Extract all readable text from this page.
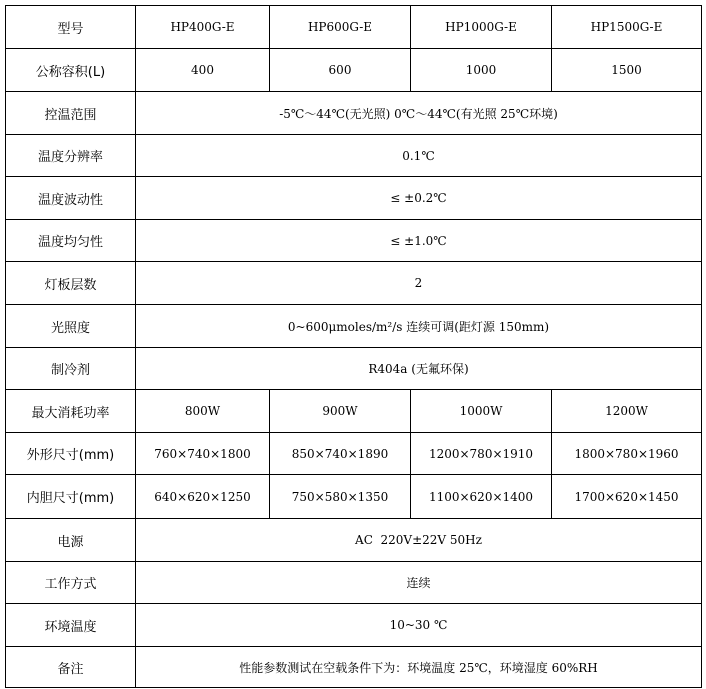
型号	HP400G-E	HP600G-E	HP1000G-E	HP1500G-E
公称容积(L)	400	600	1000	1500
控温范围	-5℃～44℃(无光照) 0℃～44℃(有光照 25℃环境)			
温度分辨率	0.1℃			
温度波动性	≤ ±0.2℃			
温度均匀性	≤ ±1.0℃			
灯板层数	2			
光照度	0~600μmoles/m²/s 连续可调(距灯源 150mm)			
制冷剂	R404a (无氟环保)			
最大消耗功率	800W	900W	1000W	1200W
外形尺寸(mm)	760×740×1800	850×740×1890	1200×780×1910	1800×780×1960
内胆尺寸(mm)	640×620×1250	750×580×1350	1100×620×1400	1700×620×1450
电源	AC  220V±22V 50Hz			
工作方式	连续			
环境温度	10~30 ℃			
备注	性能参数测试在空载条件下为：环境温度 25℃，环境湿度 60%RH			
